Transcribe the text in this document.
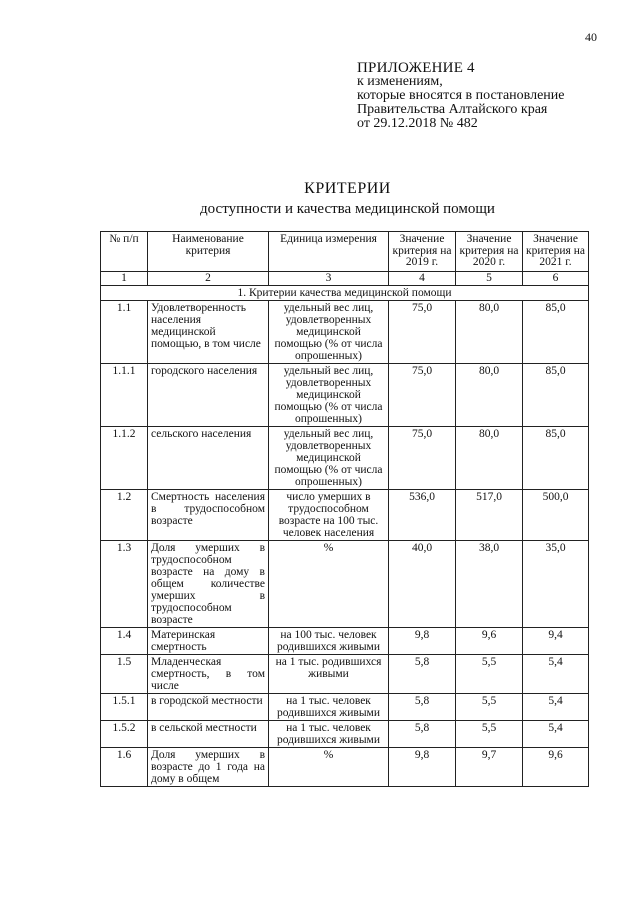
40
ПРИЛОЖЕНИЕ 4
к изменениям,
которые вносятся в постановление
Правительства Алтайского края
от 29.12.2018 № 482
КРИТЕРИИ
доступности и качества медицинской помощи
№ п/п	Наименование критерия	Единица измерения	Значение критерия на 2019 г.	Значение критерия на 2020 г.	Значение критерия на 2021 г.
1	2	3	4	5	6
1. Критерии качества медицинской помощи					
1.1	Удовлетворенность населения медицинской помощью, в том числе	удельный вес лиц, удовлетворенных медицинской помощью (% от числа опрошенных)	75,0	80,0	85,0
1.1.1	городского населения	удельный вес лиц, удовлетворенных медицинской помощью (% от числа опрошенных)	75,0	80,0	85,0
1.1.2	сельского населения	удельный вес лиц, удовлетворенных медицинской помощью (% от числа опрошенных)	75,0	80,0	85,0
1.2	Смертность населения в трудоспособном возрасте	число умерших в трудоспособном возрасте на 100 тыс. человек населения	536,0	517,0	500,0
1.3	Доля умерших в трудоспособном возрасте на дому в общем количестве умерших в трудоспособном возрасте	%	40,0	38,0	35,0
1.4	Материнская смертность	на 100 тыс. человек родившихся живыми	9,8	9,6	9,4
1.5	Младенческая смертность, в том числе	на 1 тыс. родившихся живыми	5,8	5,5	5,4
1.5.1	в городской местности	на 1 тыс. человек родившихся живыми	5,8	5,5	5,4
1.5.2	в сельской местности	на 1 тыс. человек родившихся живыми	5,8	5,5	5,4
1.6	Доля умерших в возрасте до 1 года на дому в общем	%	9,8	9,7	9,6
